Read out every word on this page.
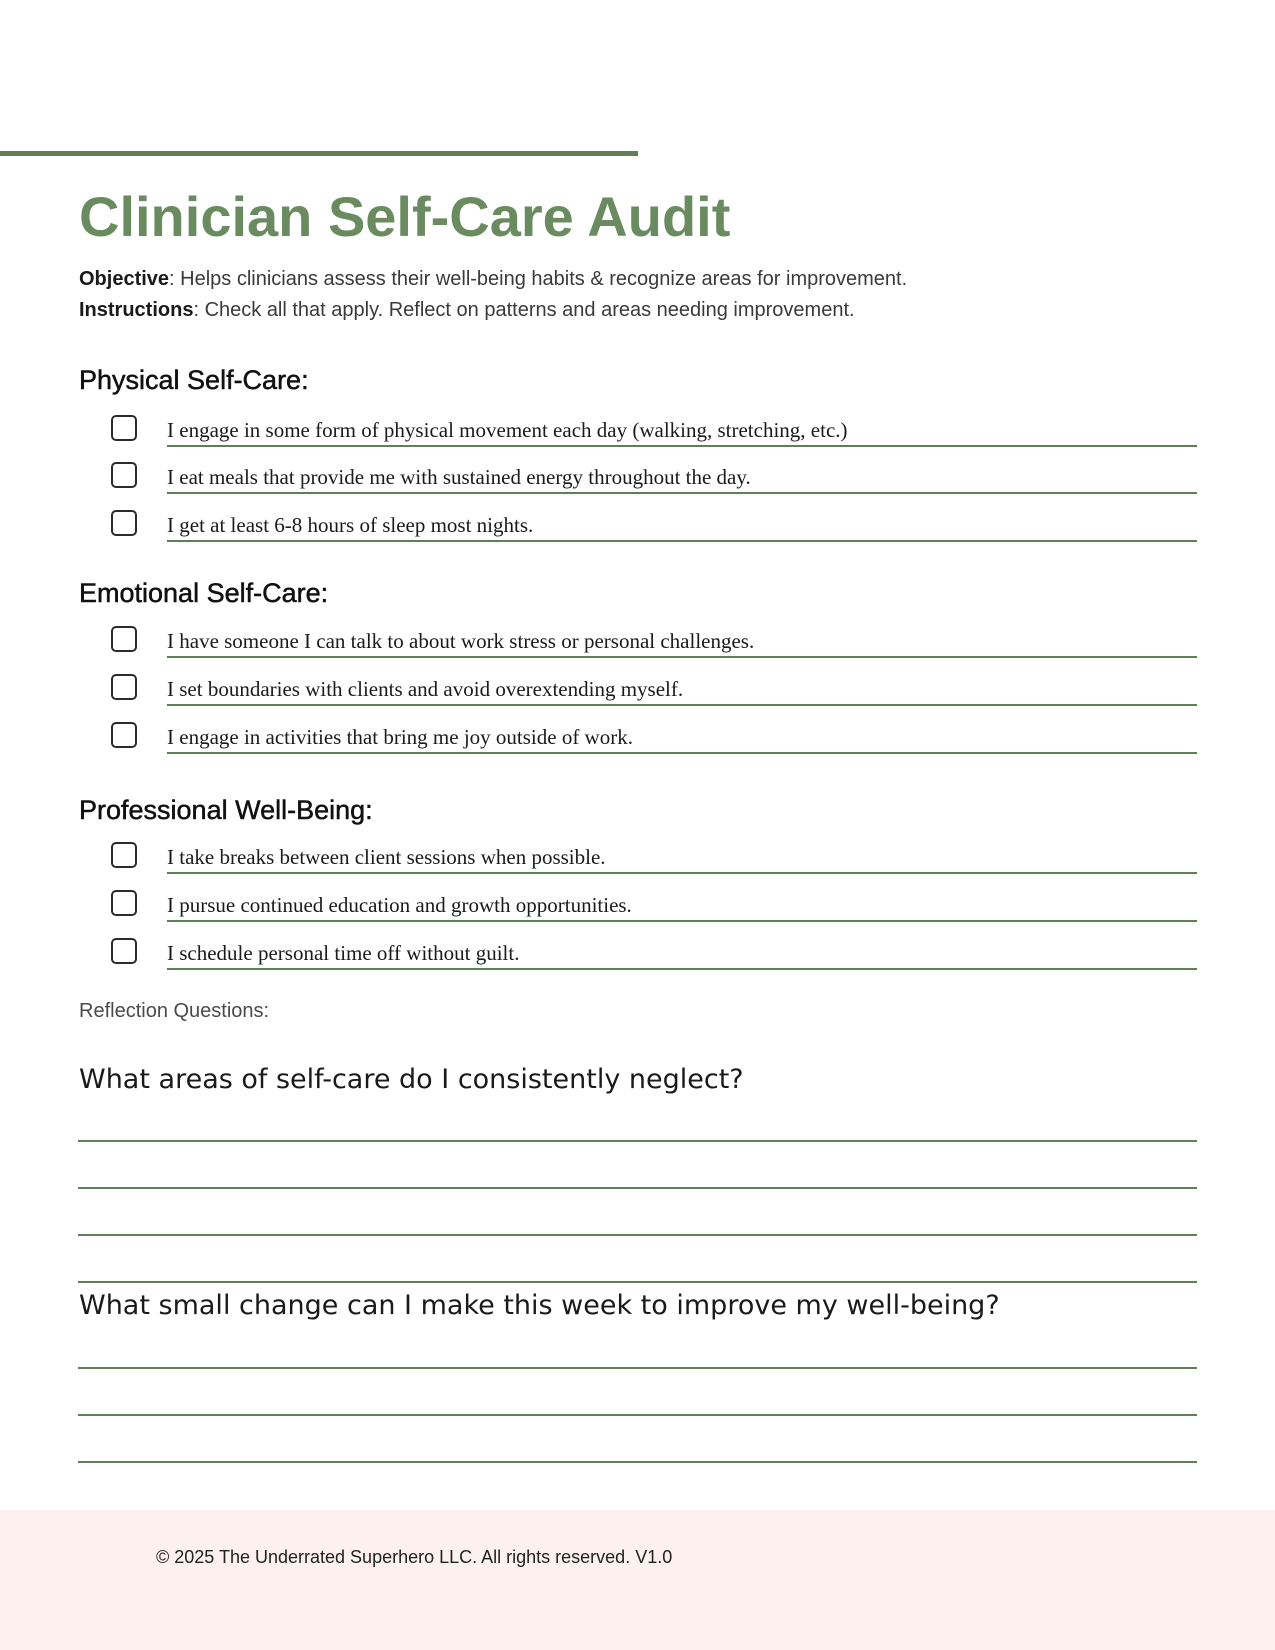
Clinician Self-Care Audit
Objective: Helps clinicians assess their well-being habits & recognize areas for improvement.
Instructions: Check all that apply. Reflect on patterns and areas needing improvement.
Physical Self-Care:
I engage in some form of physical movement each day (walking, stretching, etc.)
I eat meals that provide me with sustained energy throughout the day.
I get at least 6-8 hours of sleep most nights.
Emotional Self-Care:
I have someone I can talk to about work stress or personal challenges.
I set boundaries with clients and avoid overextending myself.
I engage in activities that bring me joy outside of work.
Professional Well-Being:
I take breaks between client sessions when possible.
I pursue continued education and growth opportunities.
I schedule personal time off without guilt.
Reflection Questions:
What areas of self-care do I consistently neglect?
What small change can I make this week to improve my well-being?
© 2025 The Underrated Superhero LLC. All rights reserved. V1.0
